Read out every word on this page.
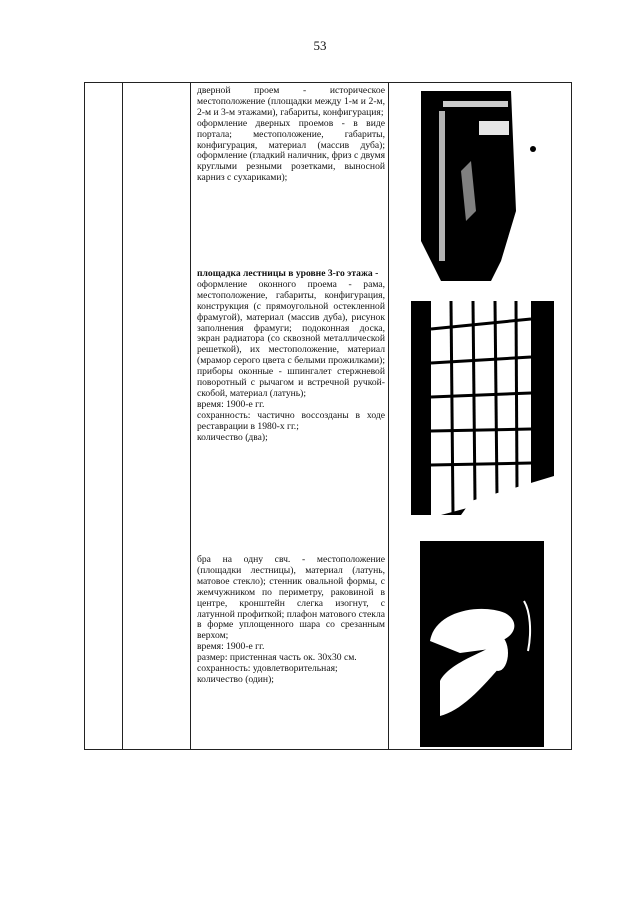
53

дверной проем - историческое местоположение (площадки между 1-м и 2-м, 2-м и 3-м этажами), габариты, конфигурация;

оформление дверных проемов - в виде портала; местоположение, габариты, конфигурация, материал (массив дуба); оформление (гладкий наличник, фриз с двумя круглыми резными розетками, выносной карниз с сухариками);

площадка лестницы в уровне 3-го этажа -

оформление оконного проема - рама, местоположение, габариты, конфигурация, конструкция (с прямоугольной остекленной фрамугой), материал (массив дуба), рисунок заполнения фрамуги; подоконная доска, экран радиатора (со сквозной металлической решеткой), их местоположение, материал (мрамор серого цвета с белыми прожилками); приборы оконные - шпингалет стержневой поворотный с рычагом и встречной ручкой-скобой, материал (латунь);

время: 1900-е гг.

сохранность: частично воссозданы в ходе реставрации в 1980-х гг.;

количество (два);

бра на одну свч. - местоположение (площадки лестницы), материал (латунь, матовое стекло); стенник овальной формы, с жемчужником по периметру, раковиной в центре, кронштейн слегка изогнут, с латунной профиткой; плафон матового стекла в форме уплощенного шара со срезанным верхом;

время: 1900-е гг.

размер: пристенная часть ок. 30х30 см.

сохранность: удовлетворительная;

количество (один);
